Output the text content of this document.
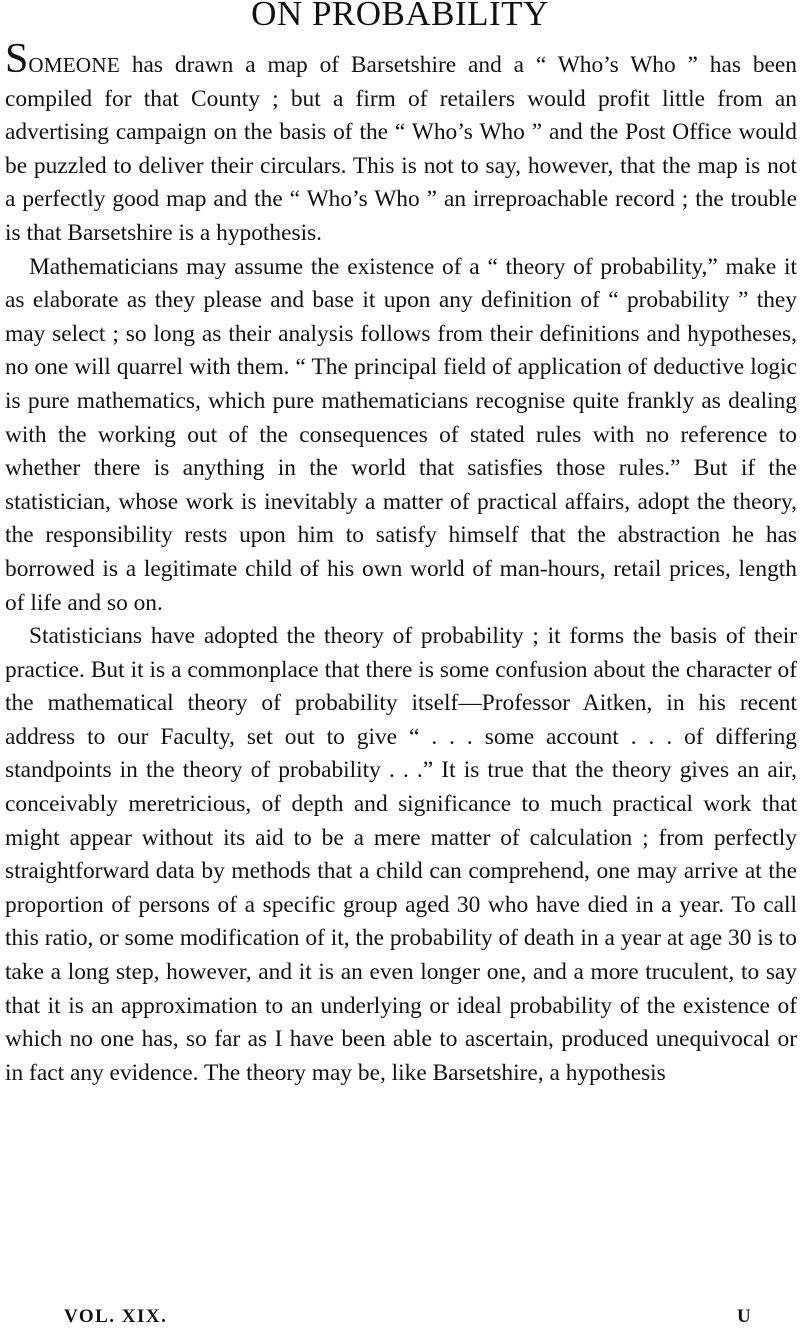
ON PROBABILITY

SOMEONE has drawn a map of Barsetshire and a “ Who’s Who ” has been compiled for that County ; but a firm of retailers would profit little from an advertising campaign on the basis of the “ Who’s Who ” and the Post Office would be puzzled to deliver their circulars. This is not to say, however, that the map is not a perfectly good map and the “ Who’s Who ” an irreproachable record ; the trouble is that Barsetshire is a hypothesis.

Mathematicians may assume the existence of a “ theory of probability,” make it as elaborate as they please and base it upon any definition of “ probability ” they may select ; so long as their analysis follows from their definitions and hypotheses, no one will quarrel with them. “ The principal field of application of deductive logic is pure mathematics, which pure mathematicians recognise quite frankly as dealing with the working out of the consequences of stated rules with no reference to whether there is anything in the world that satisfies those rules.” But if the statistician, whose work is inevitably a matter of practical affairs, adopt the theory, the responsibility rests upon him to satisfy himself that the abstraction he has borrowed is a legitimate child of his own world of man-hours, retail prices, length of life and so on.

Statisticians have adopted the theory of probability ; it forms the basis of their practice. But it is a commonplace that there is some confusion about the character of the mathematical theory of probability itself—Professor Aitken, in his recent address to our Faculty, set out to give “ . . . some account . . . of differing standpoints in the theory of probability . . .” It is true that the theory gives an air, conceivably meretricious, of depth and significance to much practical work that might appear without its aid to be a mere matter of calculation ; from perfectly straightforward data by methods that a child can comprehend, one may arrive at the proportion of persons of a specific group aged 30 who have died in a year. To call this ratio, or some modification of it, the probability of death in a year at age 30 is to take a long step, however, and it is an even longer one, and a more truculent, to say that it is an approximation to an underlying or ideal probability of the existence of which no one has, so far as I have been able to ascertain, produced unequivocal or in fact any evidence. The theory may be, like Barsetshire, a hypothesis

VOL. XIX.	U
